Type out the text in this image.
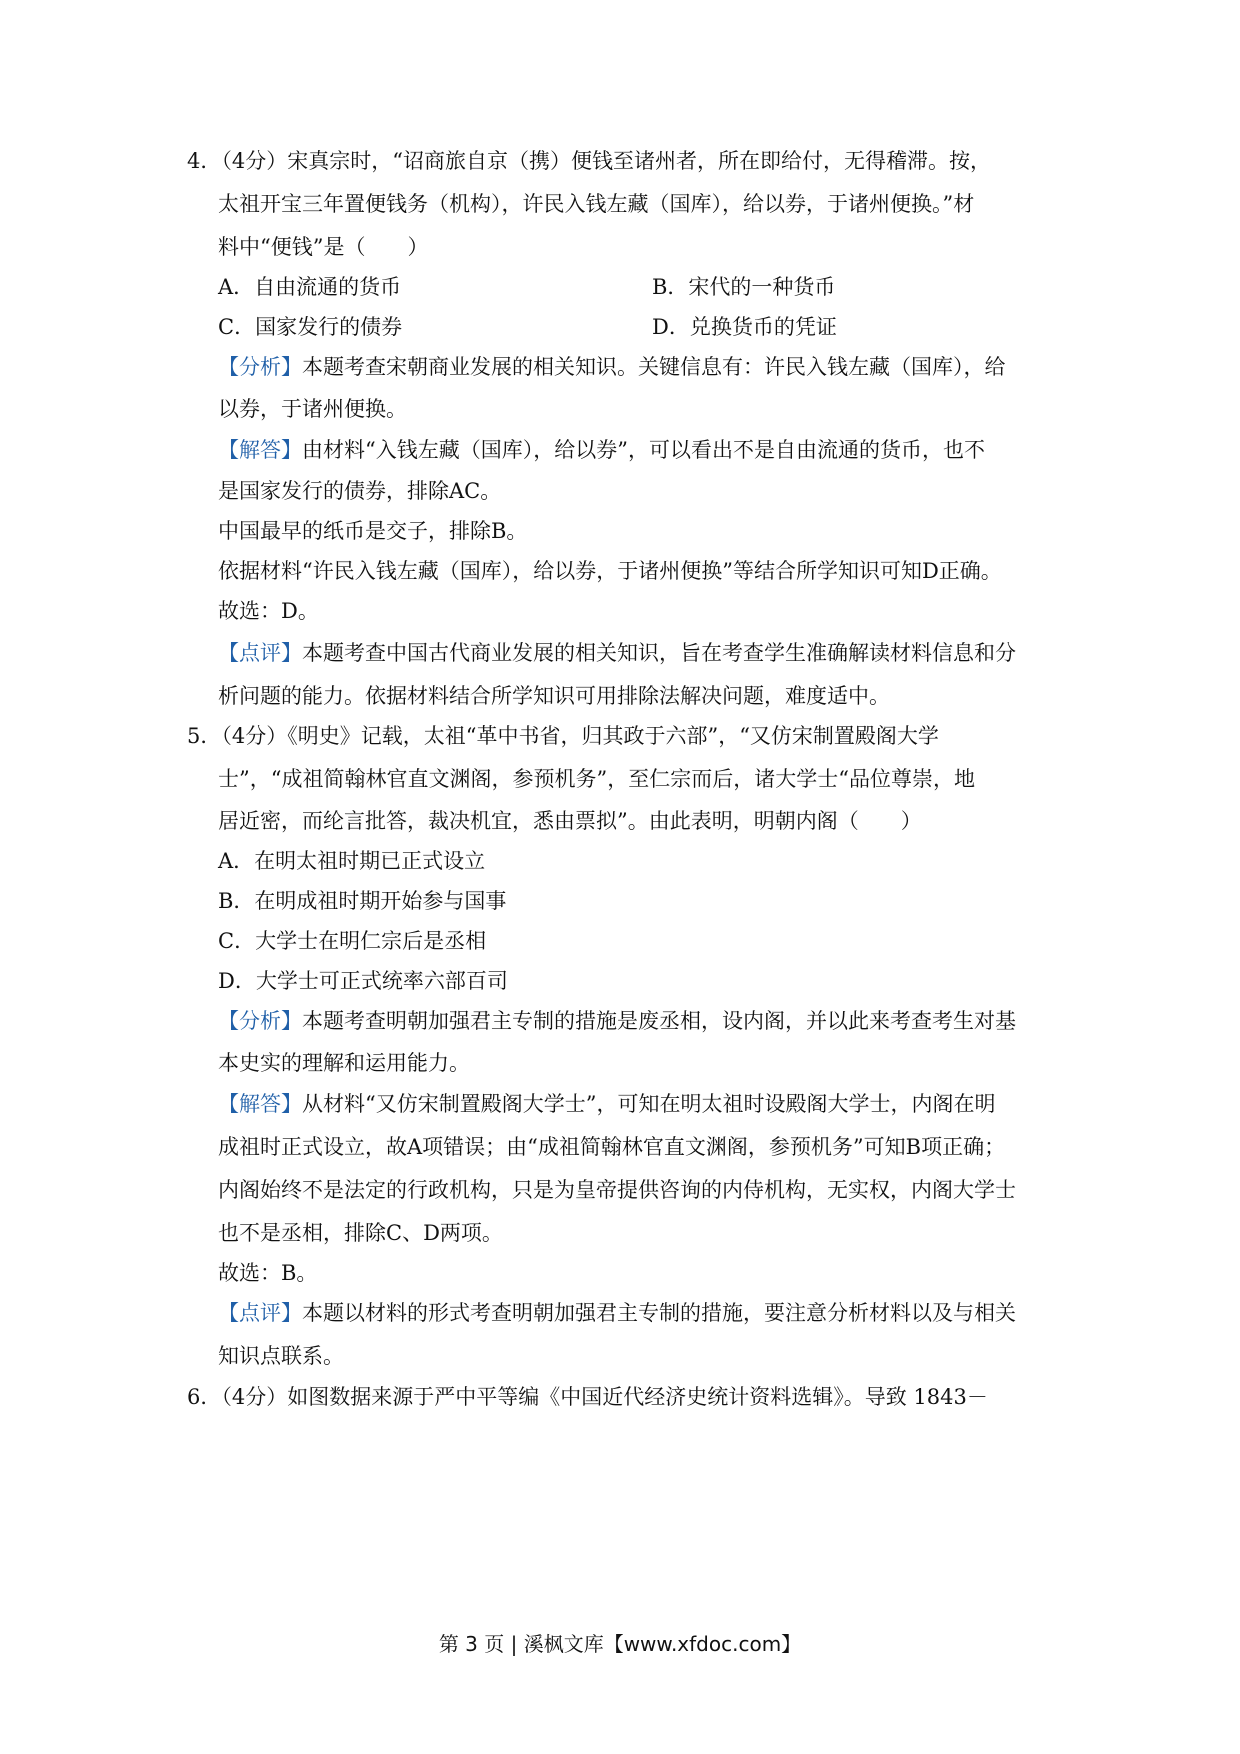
4．（4分）宋真宗时，“诏商旅自京（携）便钱至诸州者，所在即给付，无得稽滞。按，
太祖开宝三年置便钱务（机构），许民入钱左藏（国库），给以券，于诸州便换。”材
料中“便钱”是（　　）
A．自由流通的货币	B．宋代的一种货币
C．国家发行的债券	D．兑换货币的凭证
【分析】本题考查宋朝商业发展的相关知识。关键信息有：许民入钱左藏（国库），给
以券，于诸州便换。
【解答】由材料“入钱左藏（国库），给以券”，可以看出不是自由流通的货币，也不
是国家发行的债券，排除AC。
中国最早的纸币是交子，排除B。
依据材料“许民入钱左藏（国库），给以券，于诸州便换”等结合所学知识可知D正确。
故选：D。
【点评】本题考查中国古代商业发展的相关知识，旨在考查学生准确解读材料信息和分
析问题的能力。依据材料结合所学知识可用排除法解决问题，难度适中。
5．（4分）《明史》记载，太祖“革中书省，归其政于六部”，“又仿宋制置殿阁大学
士”，“成祖简翰林官直文渊阁，参预机务”，至仁宗而后，诸大学士“品位尊崇，地
居近密，而纶言批答，裁决机宜，悉由票拟”。由此表明，明朝内阁（　　）
A．在明太祖时期已正式设立
B．在明成祖时期开始参与国事
C．大学士在明仁宗后是丞相
D．大学士可正式统率六部百司
【分析】本题考查明朝加强君主专制的措施是废丞相，设内阁，并以此来考查考生对基
本史实的理解和运用能力。
【解答】从材料“又仿宋制置殿阁大学士”，可知在明太祖时设殿阁大学士，内阁在明
成祖时正式设立，故A项错误；由“成祖简翰林官直文渊阁，参预机务”可知B项正确；
内阁始终不是法定的行政机构，只是为皇帝提供咨询的内侍机构，无实权，内阁大学士
也不是丞相，排除C、D两项。
故选：B。
【点评】本题以材料的形式考查明朝加强君主专制的措施，要注意分析材料以及与相关
知识点联系。
6．（4分）如图数据来源于严中平等编《中国近代经济史统计资料选辑》。导致 1843－
第 3 页 | 溪枫文库【www.xfdoc.com】
